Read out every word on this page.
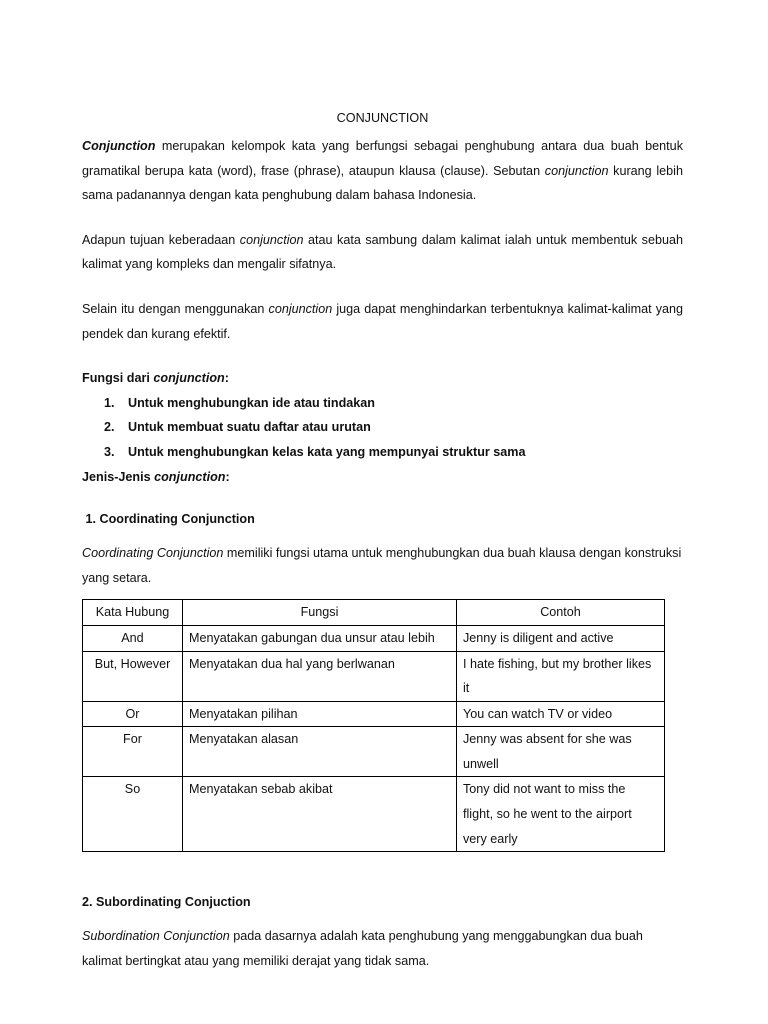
CONJUNCTION

Conjunction merupakan kelompok kata yang berfungsi sebagai penghubung antara dua buah bentuk gramatikal berupa kata (word), frase (phrase), ataupun klausa (clause). Sebutan conjunction kurang lebih sama padanannya dengan kata penghubung dalam bahasa Indonesia.

Adapun tujuan keberadaan conjunction atau kata sambung dalam kalimat ialah untuk membentuk sebuah kalimat yang kompleks dan mengalir sifatnya.

Selain itu dengan menggunakan conjunction juga dapat menghindarkan terbentuknya kalimat-kalimat yang pendek dan kurang efektif.

Fungsi dari conjunction:

1. Untuk menghubungkan ide atau tindakan
2. Untuk membuat suatu daftar atau urutan
3. Untuk menghubungkan kelas kata yang mempunyai struktur sama

Jenis-Jenis conjunction:

1. Coordinating Conjunction

Coordinating Conjunction memiliki fungsi utama untuk menghubungkan dua buah klausa dengan konstruksi yang setara.

Kata Hubung	Fungsi	Contoh
And	Menyatakan gabungan dua unsur atau lebih	Jenny is diligent and active
But, However	Menyatakan dua hal yang berlwanan	I hate fishing, but my brother likes it
Or	Menyatakan pilihan	You can watch TV or video
For	Menyatakan alasan	Jenny was absent for she was unwell
So	Menyatakan sebab akibat	Tony did not want to miss the flight, so he went to the airport very early

2. Subordinating Conjuction

Subordination Conjunction pada dasarnya adalah kata penghubung yang menggabungkan dua buah kalimat bertingkat atau yang memiliki derajat yang tidak sama.
